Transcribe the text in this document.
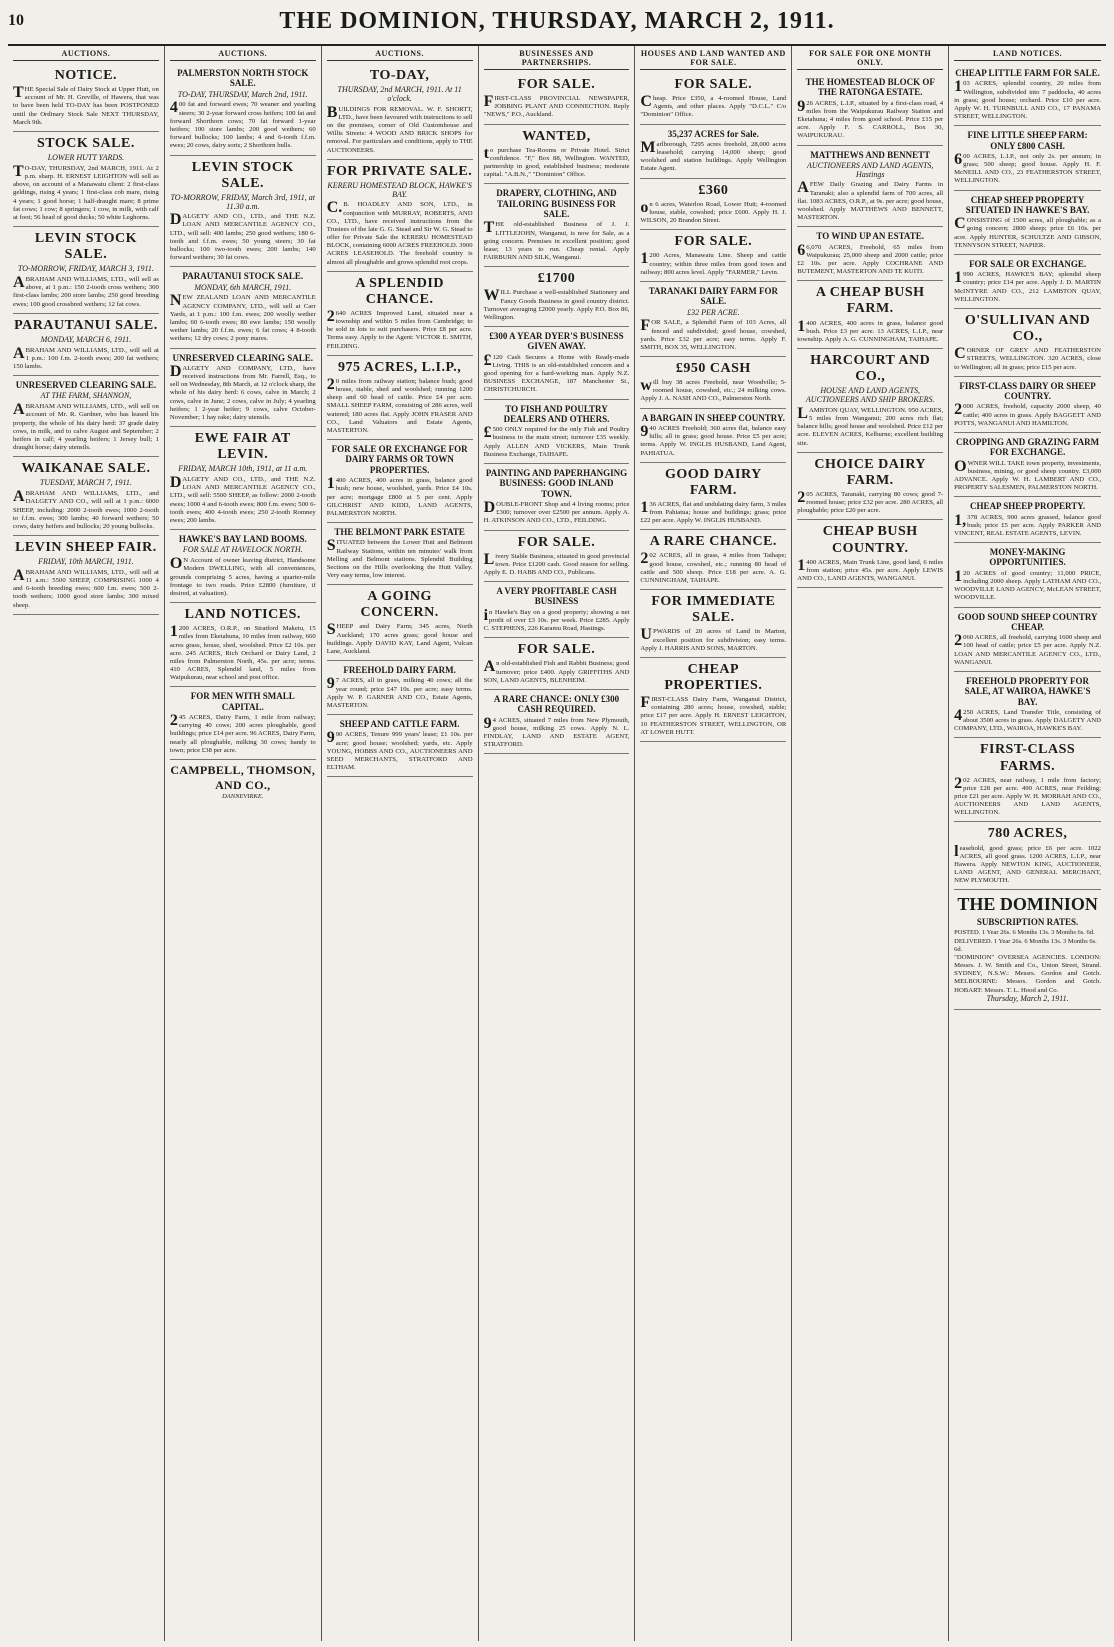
10	THE DOMINION, THURSDAY, MARCH 2, 1911.
AUCTIONS.
NOTICE.
THE Special Sale of Dairy Stock at Upper Hutt, on account of Mr. H. Greville, of Hawera, that was to have been held TO-DAY has been POSTPONED until the Ordinary Stock Sale NEXT THURSDAY, March 9th.
STOCK SALE.
LOWER HUTT YARDS.
TO-DAY, THURSDAY, 2nd MARCH, 1911. At 2 p.m. sharp. H. ERNEST LEIGHTON will sell as above, on account of a Manawatu client: 2 first-class geldings, rising 4 years; 1 first-class cob mare, rising 4 years; 1 good horse; 1 half-draught mare; 8 prime fat cows; 1 cow; 8 springers; 1 cow, in milk, with calf at foot; 56 head of good ducks; 50 white Leghorns.
LEVIN STOCK SALE.
TO-MORROW, FRIDAY, MARCH 3, 1911.
ABRAHAM AND WILLIAMS, LTD., will sell as above, at 1 p.m.: 150 2-tooth cross wethers; 300 first-class lambs; 200 store lambs; 250 good breeding ewes; 100 good crossbred wethers; 12 fat cows.
PARAUTANUI SALE.
MONDAY, MARCH 6, 1911.
ABRAHAM AND WILLIAMS, LTD., will sell at 1 p.m.: 100 f.m. 2-tooth ewes; 200 fat wethers; 150 lambs.
UNRESERVED CLEARING SALE.
AT THE FARM, SHANNON,
ABRAHAM AND WILLIAMS, LTD., will sell on account of Mr. R. Gardner, who has leased his property, the whole of his dairy herd: 37 grade dairy cows, in milk, and to calve August and September; 2 heifers in calf; 4 yearling heifers; 1 Jersey bull; 1 draught horse; dairy utensils.
WAIKANAE SALE.
TUESDAY, MARCH 7, 1911.
ABRAHAM AND WILLIAMS, LTD., and DALGETY AND CO., will sell at 1 p.m.: 6000 SHEEP, including: 2000 2-tooth ewes; 1000 2-tooth to f.f.m. ewes; 300 lambs; 40 forward wethers; 50 cows, dairy heifers and bullocks; 20 young bullocks.
LEVIN SHEEP FAIR.
FRIDAY, 10th MARCH, 1911.
ABRAHAM AND WILLIAMS, LTD., will sell at 11 a.m.: 5500 SHEEP, COMPRISING 1000 4 and 6-tooth breeding ewes; 600 f.m. ewes; 500 2-tooth wethers; 1000 good store lambs; 300 mixed sheep.
AUCTIONS.
PALMERSTON NORTH STOCK SALE.
TO-DAY, THURSDAY, March 2nd, 1911.
400 fat and forward ewes; 70 weaner and yearling steers; 30 2-year forward cross heifers; 100 fat and forward Shorthorn cows; 70 fat forward 1-year heifers; 100 store lambs; 200 good wethers; 60 forward bullocks; 100 lambs; 4 and 6-tooth f.f.m. ewes; 20 cows, dairy sorts; 2 Shorthorn bulls.
LEVIN STOCK SALE.
TO-MORROW, FRIDAY, March 3rd, 1911, at 11.30 a.m.
DALGETY AND CO., LTD., and THE N.Z. LOAN AND MERCANTILE AGENCY CO., LTD., will sell: 400 lambs; 250 good wethers; 180 6-tooth and f.f.m. ewes; 50 young steers; 30 fat bullocks; 100 two-tooth ewes; 200 lambs; 140 forward wethers; 30 fat cows.
PARAUTANUI STOCK SALE.
MONDAY, 6th MARCH, 1911.
NEW ZEALAND LOAN AND MERCANTILE AGENCY COMPANY, LTD., will sell at Carr Yards, at 1 p.m.: 100 f.m. ewes; 200 woolly wether lambs; 60 6-tooth ewes; 80 ewe lambs; 150 woolly wether lambs; 20 f.f.m. ewes; 6 fat cows; 4 8-tooth wethers; 12 dry cows; 2 pony mares.
UNRESERVED CLEARING SALE.
DALGETY AND COMPANY, LTD., have received instructions from Mr. Farrell, Esq., to sell on Wednesday, 8th March, at 12 o'clock sharp, the whole of his dairy herd: 6 cows, calve in March; 2 cows, calve in June; 2 cows, calve in July; 4 yearling heifers; 1 2-year heifer; 9 cows, calve October-November; 1 hay rake; dairy utensils.
EWE FAIR AT LEVIN.
FRIDAY, MARCH 10th, 1911, at 11 a.m.
DALGETY AND CO., LTD., and THE N.Z. LOAN AND MERCANTILE AGENCY CO., LTD., will sell: 5500 SHEEP, as follow: 2000 2-tooth ewes; 1000 4 and 6-tooth ewes; 800 f.m. ewes; 500 6-tooth ewes; 400 4-tooth ewes; 250 2-tooth Romney ewes; 200 lambs.
HAWKE'S BAY LAND BOOMS.
FOR SALE AT HAVELOCK NORTH.
ON Account of owner leaving district, Handsome Modern DWELLING, with all conveniences, grounds comprising 5 acres, having a quarter-mile frontage to two roads. Price £2800 (furniture, if desired, at valuation).
LAND NOTICES.
1200 ACRES, O.R.P., on Stratford Maketu, 15 miles from Eketahuna, 10 miles from railway, 660 acres grass, house, shed, woolshed. Price £2 10s. per acre. 245 ACRES, Rich Orchard or Dairy Land, 2 miles from Palmerston North, 45s. per acre; terms. 410 ACRES, Splendid land, 5 miles from Waipukurau, near school and post office.
FOR MEN WITH SMALL CAPITAL.
245 ACRES, Dairy Farm, 1 mile from railway; carrying 40 cows; 200 acres ploughable, good buildings; price £14 per acre. 96 ACRES, Dairy Farm, nearly all ploughable, milking 30 cows; handy to town; price £38 per acre.
CAMPBELL, THOMSON, AND CO.,
DANNEVIRKE.
AUCTIONS.
TO-DAY,
THURSDAY, 2nd MARCH, 1911. At 11 o'clock.
BUILDINGS FOR REMOVAL. W. F. SHORTT, LTD., have been favoured with instructions to sell on the premises, corner of Old Customhouse and Willis Streets: 4 WOOD AND BRICK SHOPS for removal. For particulars and conditions, apply to THE AUCTIONEERS.
FOR PRIVATE SALE.
KERERU HOMESTEAD BLOCK, HAWKE'S BAY.
C.B. HOADLEY AND SON, LTD., in conjunction with MURRAY, ROBERTS, AND CO., LTD., have received instructions from the Trustees of the late G. G. Stead and Sir W. G. Stead to offer for Private Sale the KERERU HOMESTEAD BLOCK, containing 6000 ACRES FREEHOLD. 3900 ACRES LEASEHOLD. The freehold country is almost all ploughable and grows splendid root crops.
A SPLENDID CHANCE.
2640 ACRES Improved Land, situated near a township and within 5 miles from Cambridge; to be sold in lots to suit purchasers. Price £8 per acre. Terms easy. Apply to the Agent: VICTOR E. SMITH, FEILDING.
975 ACRES, L.I.P.,
20 miles from railway station; balance bush; good house, stable, shed and woolshed; running 1200 sheep and 60 head of cattle. Price £4 per acre. SMALL SHEEP FARM, consisting of 286 acres, well watered; 180 acres flat. Apply JOHN FRASER AND CO., Land Valuators and Estate Agents, MASTERTON.
FOR SALE OR EXCHANGE FOR DAIRY FARMS OR TOWN PROPERTIES.
1400 ACRES, 400 acres in grass, balance good bush; new house, woolshed, yards. Price £4 10s. per acre; mortgage £800 at 5 per cent. Apply GILCHRIST AND KIDD, LAND AGENTS, PALMERSTON NORTH.
THE BELMONT PARK ESTATE
SITUATED between the Lower Hutt and Belmont Railway Stations, within ten minutes' walk from Melling and Belmont stations. Splendid Building Sections on the Hills overlooking the Hutt Valley. Very easy terms, low interest.
A GOING CONCERN.
SHEEP and Dairy Farm; 345 acres, North Auckland; 170 acres grass; good house and buildings. Apply DAVID KAY, Land Agent, Vulcan Lane, Auckland.
FREEHOLD DAIRY FARM.
97 ACRES, all in grass, milking 40 cows; all the year round; price £47 10s. per acre; easy terms. Apply W. P. GARNER AND CO., Estate Agents, MASTERTON.
SHEEP AND CATTLE FARM.
990 ACRES, Tenure 999 years' lease; £1 10s. per acre; good house; woolshed; yards, etc. Apply YOUNG, HOBBS AND CO., AUCTIONEERS AND SEED MERCHANTS, STRATFORD AND ELTHAM.
BUSINESSES AND PARTNERSHIPS.
FOR SALE.
FIRST-CLASS PROVINCIAL NEWSPAPER, JOBBING PLANT AND CONNECTION. Reply "NEWS," P.O., Auckland.
WANTED,
to purchase Tea-Rooms or Private Hotel. Strict confidence. "F," Box 88, Wellington. WANTED, partnership in good, established business; moderate capital. "A.B.N.," "Dominion" Office.
DRAPERY, CLOTHING, AND TAILORING BUSINESS FOR SALE.
THE old-established Business of J. J. LITTLEJOHN, Wanganui, is now for Sale, as a going concern. Premises in excellent position; good lease; 13 years to run. Cheap rental. Apply FAIRBURN AND SILK, Wanganui.
£1700
WILL Purchase a well-established Stationery and Fancy Goods Business in good country district. Turnover averaging £2000 yearly. Apply P.O. Box 86, Wellington.
£300 A YEAR DYER'S BUSINESS GIVEN AWAY.
£120 Cash Secures a Home with Ready-made Living. THIS is an old-established concern and a good opening for a hard-working man. Apply N.Z. BUSINESS EXCHANGE, 187 Manchester St., CHRISTCHURCH.
TO FISH AND POULTRY DEALERS AND OTHERS.
£500 ONLY required for the only Fish and Poultry business in the main street; turnover £35 weekly. Apply ALLEN AND VICKERS, Main Trunk Business Exchange, TAIHAPE.
PAINTING AND PAPERHANGING BUSINESS: GOOD INLAND TOWN.
DOUBLE-FRONT Shop and 4 living rooms; price £300; turnover over £2500 per annum. Apply A. H. ATKINSON AND CO., LTD., FEILDING.
FOR SALE.
Livery Stable Business, situated in good provincial town. Price £1200 cash. Good reason for selling. Apply E. D. HABB AND CO., Publicans.
A VERY PROFITABLE CASH BUSINESS
in Hawke's Bay on a good property; showing a net profit of over £3 10s. per week. Price £285. Apply C. STEPHENS, 226 Karamu Road, Hastings.
FOR SALE.
An old-established Fish and Rabbit Business; good turnover; price £400. Apply GRIFFITHS AND SON, LAND AGENTS, BLENHEIM.
A RARE CHANCE: ONLY £300 CASH REQUIRED.
94 ACRES, situated 7 miles from New Plymouth, good house, milking 25 cows. Apply N. L. FINDLAY, LAND AND ESTATE AGENT, STRATFORD.
HOUSES AND LAND WANTED AND FOR SALE.
FOR SALE.
Cheap. Price £350, a 4-roomed House, Land Agents, and other places. Apply "D.C.L." C/o "Dominion" Office.
35,237 ACRES for Sale.
Marlborough, 7295 acres freehold, 28,000 acres leasehold; carrying 14,000 sheep; good woolshed and station buildings. Apply Wellington Estate Agent.
£360
on 6 acres, Waterloo Road, Lower Hutt; 4-roomed house, stable, cowshed; price £600. Apply H. J. WILSON, 20 Brandon Street.
FOR SALE.
1200 Acres, Manawatu Line. Sheep and cattle country; within three miles from good town and railway; 800 acres level. Apply "FARMER," Levin.
TARANAKI DAIRY FARM FOR SALE.
£32 PER ACRE.
FOR SALE, a Splendid Farm of 103 Acres, all fenced and subdivided; good house, cowshed, yards. Price £32 per acre; easy terms. Apply F. SMITH, BOX 35, WELLINGTON.
£950 CASH
will buy 38 acres Freehold, near Woodville; 5-roomed house, cowshed, etc.; 24 milking cows. Apply J. A. NASH AND CO., Palmerston North.
A BARGAIN IN SHEEP COUNTRY.
940 ACRES Freehold; 360 acres flat, balance easy hills; all in grass; good house. Price £5 per acre; terms. Apply W. INGLIS HUSBAND, Land Agent, PAHIATUA.
GOOD DAIRY FARM.
136 ACRES, flat and undulating dairy farm, 3 miles from Pahiatua; house and buildings; grass; price £22 per acre. Apply W. INGLIS HUSBAND.
A RARE CHANCE.
202 ACRES, all in grass, 4 miles from Taihape; good house, cowshed, etc.; running 80 head of cattle and 500 sheep. Price £18 per acre. A. G. CUNNINGHAM, TAIHAPE.
FOR IMMEDIATE SALE.
UPWARDS of 20 acres of Land in Marton, excellent position for subdivision; easy terms. Apply J. HARRIS AND SONS, MARTON.
CHEAP PROPERTIES.
FIRST-CLASS Dairy Farm, Wanganui District, containing 280 acres; house, cowshed, stable; price £17 per acre. Apply H. ERNEST LEIGHTON, 10 FEATHERSTON STREET, WELLINGTON, OR AT LOWER HUTT.
FOR SALE FOR ONE MONTH ONLY.
THE HOMESTEAD BLOCK OF THE RATONGA ESTATE.
926 ACRES, L.I.P., situated by a first-class road, 4 miles from the Waipukurau Railway Station and Eketahuna; 4 miles from good school. Price £15 per acre. Apply F. S. CARROLL, Box 30, WAIPUKURAU.
MATTHEWS AND BENNETT
AUCTIONEERS AND LAND AGENTS, Hastings
AFEW Daily Grazing and Dairy Farms in Taranaki; also a splendid farm of 700 acres, all flat. 1083 ACRES, O.R.P., at 9s. per acre; good house, woolshed. Apply MATTHEWS AND BENNETT, MASTERTON.
TO WIND UP AN ESTATE.
66,070 ACRES, Freehold, 65 miles from Waipukurau; 25,000 sheep and 2000 cattle; price £2 10s. per acre. Apply COCHRANE AND BUTEMENT, MASTERTON AND TE KUITI.
A CHEAP BUSH FARM.
1400 ACRES, 400 acres in grass, balance good bush. Price £3 per acre. 13 ACRES, L.I.P., near township. Apply A. G. CUNNINGHAM, TAIHAPE.
HARCOURT AND CO.,
HOUSE AND LAND AGENTS, AUCTIONEERS AND SHIP BROKERS.
LAMBTON QUAY, WELLINGTON. 950 ACRES, 5 miles from Wanganui; 200 acres rich flat; balance hills; good house and woolshed. Price £12 per acre. ELEVEN ACRES, Kelburne; excellent building site.
CHOICE DAIRY FARM.
205 ACRES, Taranaki, carrying 80 cows; good 7-roomed house; price £32 per acre. 280 ACRES, all ploughable; price £20 per acre.
CHEAP BUSH COUNTRY.
1400 ACRES, Main Trunk Line, good land, 6 miles from station; price 45s. per acre. Apply LEWIS AND CO., LAND AGENTS, WANGANUI.
LAND NOTICES.
CHEAP LITTLE FARM FOR SALE.
103 ACRES, splendid country, 20 miles from Wellington, subdivided into 7 paddocks, 40 acres in grass; good house; orchard. Price £10 per acre. Apply W. H. TURNBULL AND CO., 17 PANAMA STREET, WELLINGTON.
FINE LITTLE SHEEP FARM: ONLY £800 CASH.
600 ACRES, L.I.P., not only 2s. per annum; in grass; 500 sheep; good house. Apply H. F. McNEILL AND CO., 23 FEATHERSTON STREET, WELLINGTON.
CHEAP SHEEP PROPERTY SITUATED IN HAWKE'S BAY.
CONSISTING of 1500 acres, all ploughable; as a going concern; 2800 sheep; price £6 10s. per acre. Apply HUNTER, SCHULTZE AND GIBSON, TENNYSON STREET, NAPIER.
FOR SALE OR EXCHANGE.
1990 ACRES, HAWKE'S BAY; splendid sheep country; price £14 per acre. Apply J. D. MARTIN McINTYRE AND CO., 212 LAMBTON QUAY, WELLINGTON.
O'SULLIVAN AND CO.,
CORNER OF GREY AND FEATHERSTON STREETS, WELLINGTON. 320 ACRES, close to Wellington; all in grass; price £15 per acre.
FIRST-CLASS DAIRY OR SHEEP COUNTRY.
2000 ACRES, freehold, capacity 2000 sheep, 40 cattle; 400 acres in grass. Apply BAGGETT AND POTTS, WANGANUI AND HAMILTON.
CROPPING AND GRAZING FARM FOR EXCHANGE.
OWNER WILL TAKE town property, investments, business, mining, or good sheep country. £3,000 ADVANCE. Apply W. H. LAMBERT AND CO., PROPERTY SALESMEN, PALMERSTON NORTH.
CHEAP SHEEP PROPERTY.
1,378 ACRES, 900 acres grassed, balance good bush; price £5 per acre. Apply PARKER AND VINCENT, REAL ESTATE AGENTS, LEVIN.
MONEY-MAKING OPPORTUNITIES.
120 ACRES of good country; 11,000 PRICE, including 2000 sheep. Apply LATHAM AND CO., WOODVILLE LAND AGENCY, McLEAN STREET, WOODVILLE.
GOOD SOUND SHEEP COUNTRY CHEAP.
2060 ACRES, all freehold, carrying 1600 sheep and 100 head of cattle; price £5 per acre. Apply N.Z. LOAN AND MERCANTILE AGENCY CO., LTD., WANGANUI.
FREEHOLD PROPERTY FOR SALE, AT WAIROA, HAWKE'S BAY.
4250 ACRES, Land Transfer Title, consisting of about 3500 acres in grass. Apply DALGETY AND COMPANY, LTD., WAIROA, HAWKE'S BAY.
FIRST-CLASS FARMS.
202 ACRES, near railway, 1 mile from factory; price £28 per acre. 490 ACRES, near Feilding; price £21 per acre. Apply W. H. MORRAH AND CO., AUCTIONEERS AND LAND AGENTS, WELLINGTON.
780 ACRES,
leasehold, good grass; price £6 per acre. 1022 ACRES, all good grass. 1200 ACRES, L.I.P., near Hawera. Apply NEWTON KING, AUCTIONEER, LAND AGENT, AND GENERAL MERCHANT, NEW PLYMOUTH.
THE DOMINION
SUBSCRIPTION RATES.
POSTED. 1 Year 26s. 6 Months 13s. 3 Months 6s. 6d.
DELIVERED. 1 Year 26s. 6 Months 13s. 3 Months 6s. 6d.
"DOMINION" OVERSEA AGENCIES. LONDON: Messrs. J. W. Smith and Co., Union Street, Strand. SYDNEY, N.S.W.: Messrs. Gordon and Gotch. MELBOURNE: Messrs. Gordon and Gotch. HOBART: Messrs. T. L. Hood and Co.
Thursday, March 2, 1911.
